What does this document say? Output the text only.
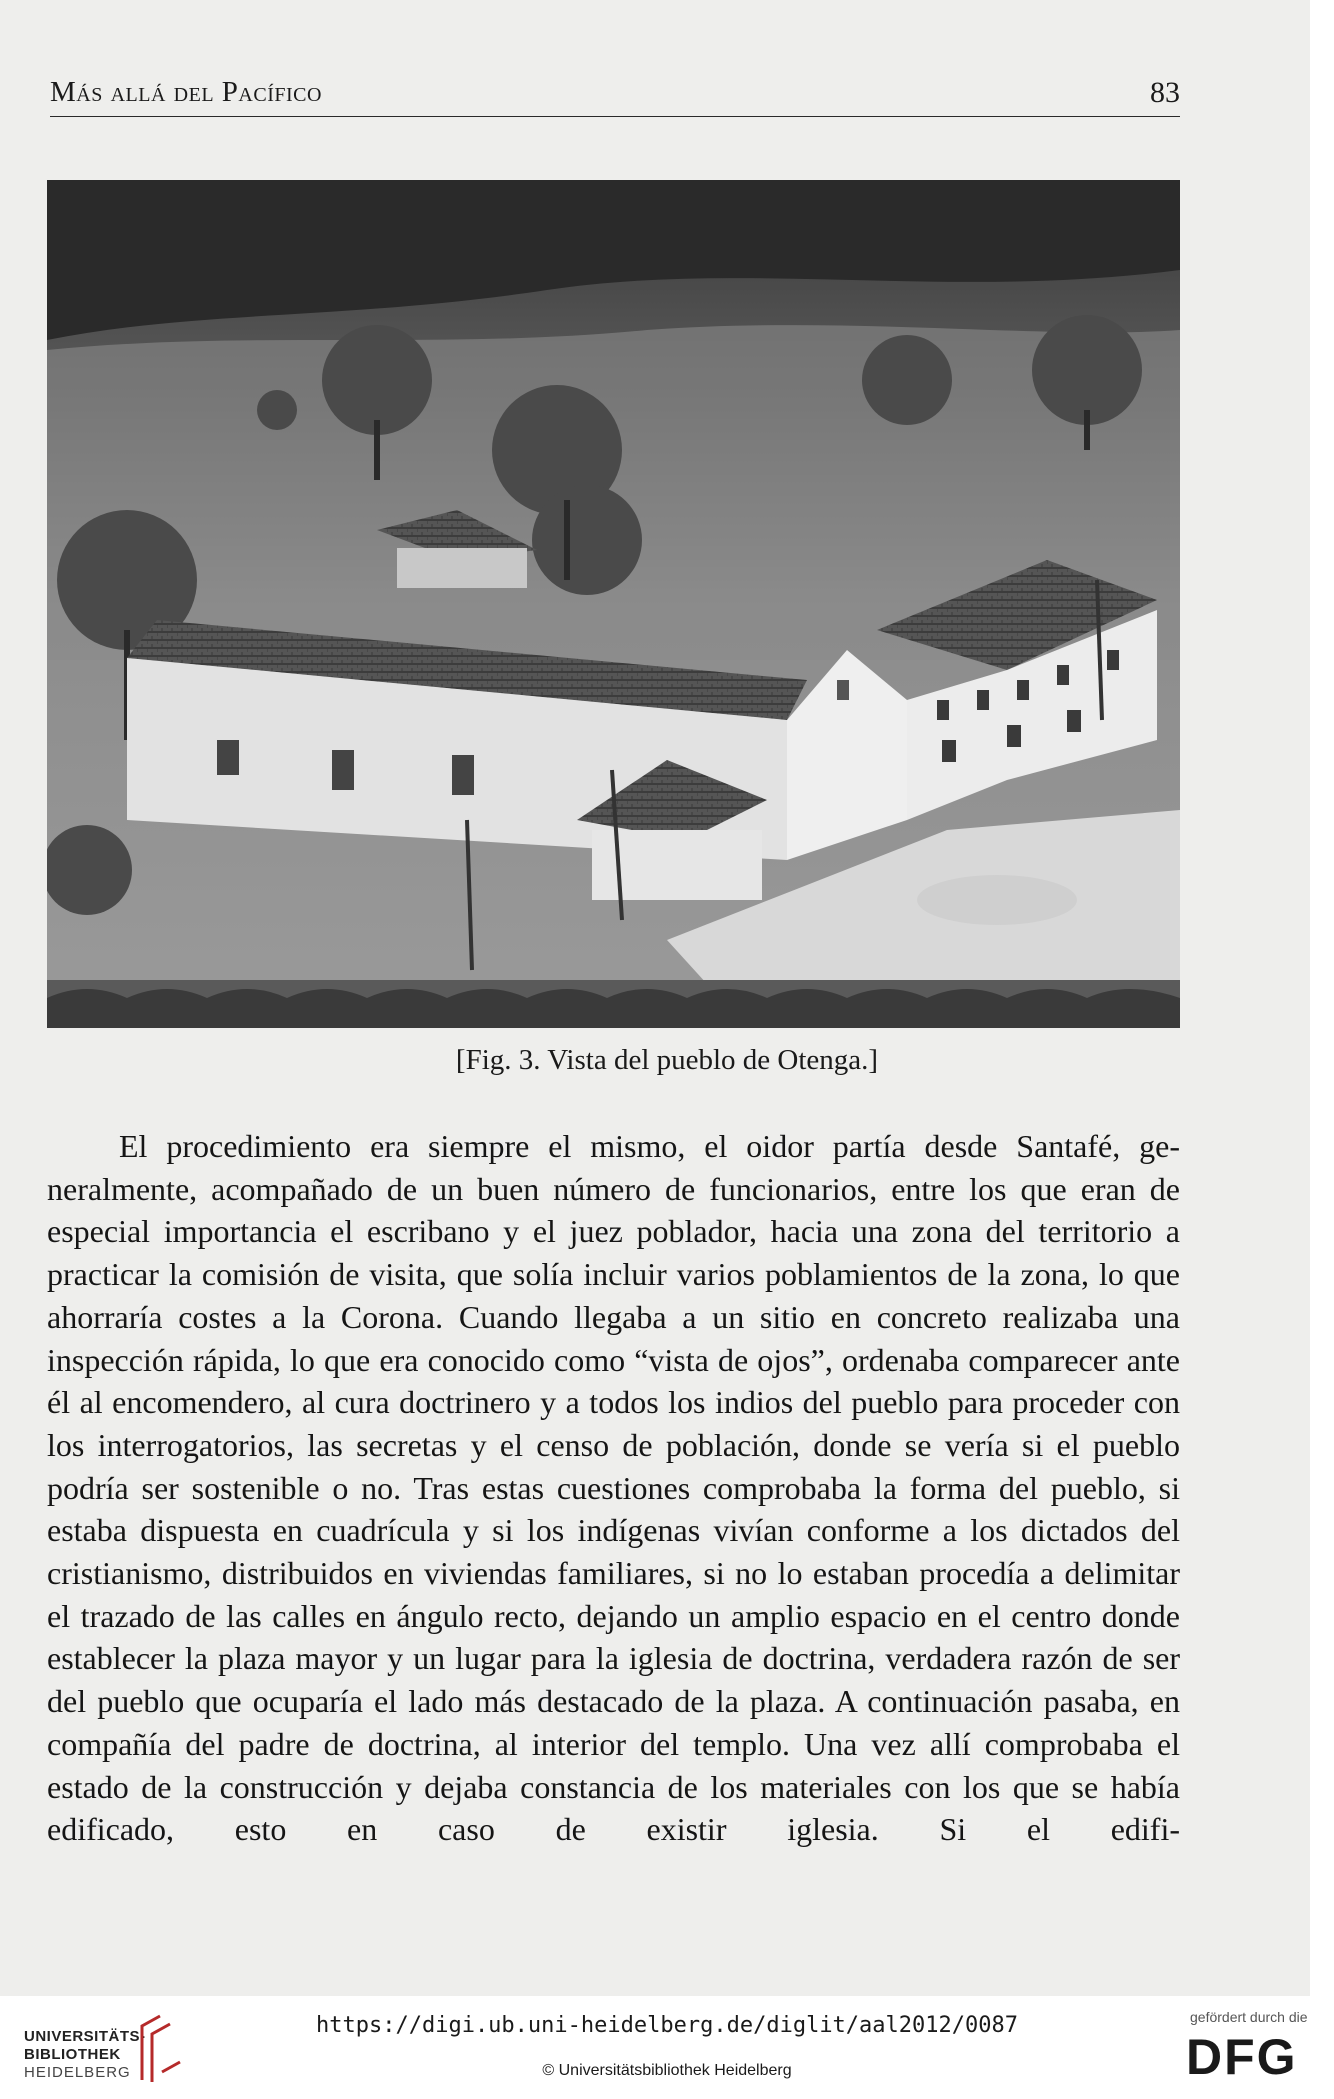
Más allá del Pacífico	83
[Fig. 3. Vista del pueblo de Otenga.]

El procedimiento era siempre el mismo, el oidor partía desde Santafé, generalmente, acompañado de un buen número de funcionarios, entre los que eran de especial importancia el escribano y el juez poblador, hacia una zona del territorio a practicar la comisión de visita, que solía incluir varios poblamientos de la zona, lo que ahorraría costes a la Corona. Cuando llegaba a un sitio en concreto realizaba una inspección rápida, lo que era conocido como “vista de ojos”, ordenaba comparecer ante él al encomendero, al cura doctrinero y a todos los indios del pueblo para proceder con los interrogatorios, las secretas y el censo de población, donde se vería si el pueblo podría ser sostenible o no. Tras estas cuestiones comprobaba la forma del pueblo, si estaba dispuesta en cuadrícula y si los indígenas vivían conforme a los dictados del cristianismo, distribuidos en viviendas familiares, si no lo estaban procedía a delimitar el trazado de las calles en ángulo recto, dejando un amplio espacio en el centro donde establecer la plaza mayor y un lugar para la iglesia de doctrina, verdadera razón de ser del pueblo que ocuparía el lado más destacado de la plaza. A continuación pasaba, en compañía del padre de doctrina, al interior del templo. Una vez allí comprobaba el estado de la construcción y dejaba constancia de los materiales con los que se había edificado, esto en caso de existir iglesia. Si el edifi-

UNIVERSITÄTS-
BIBLIOTHEK
HEIDELBERG
https://digi.ub.uni-heidelberg.de/diglit/aal2012/0087
© Universitätsbibliothek Heidelberg
gefördert durch die
DFG
